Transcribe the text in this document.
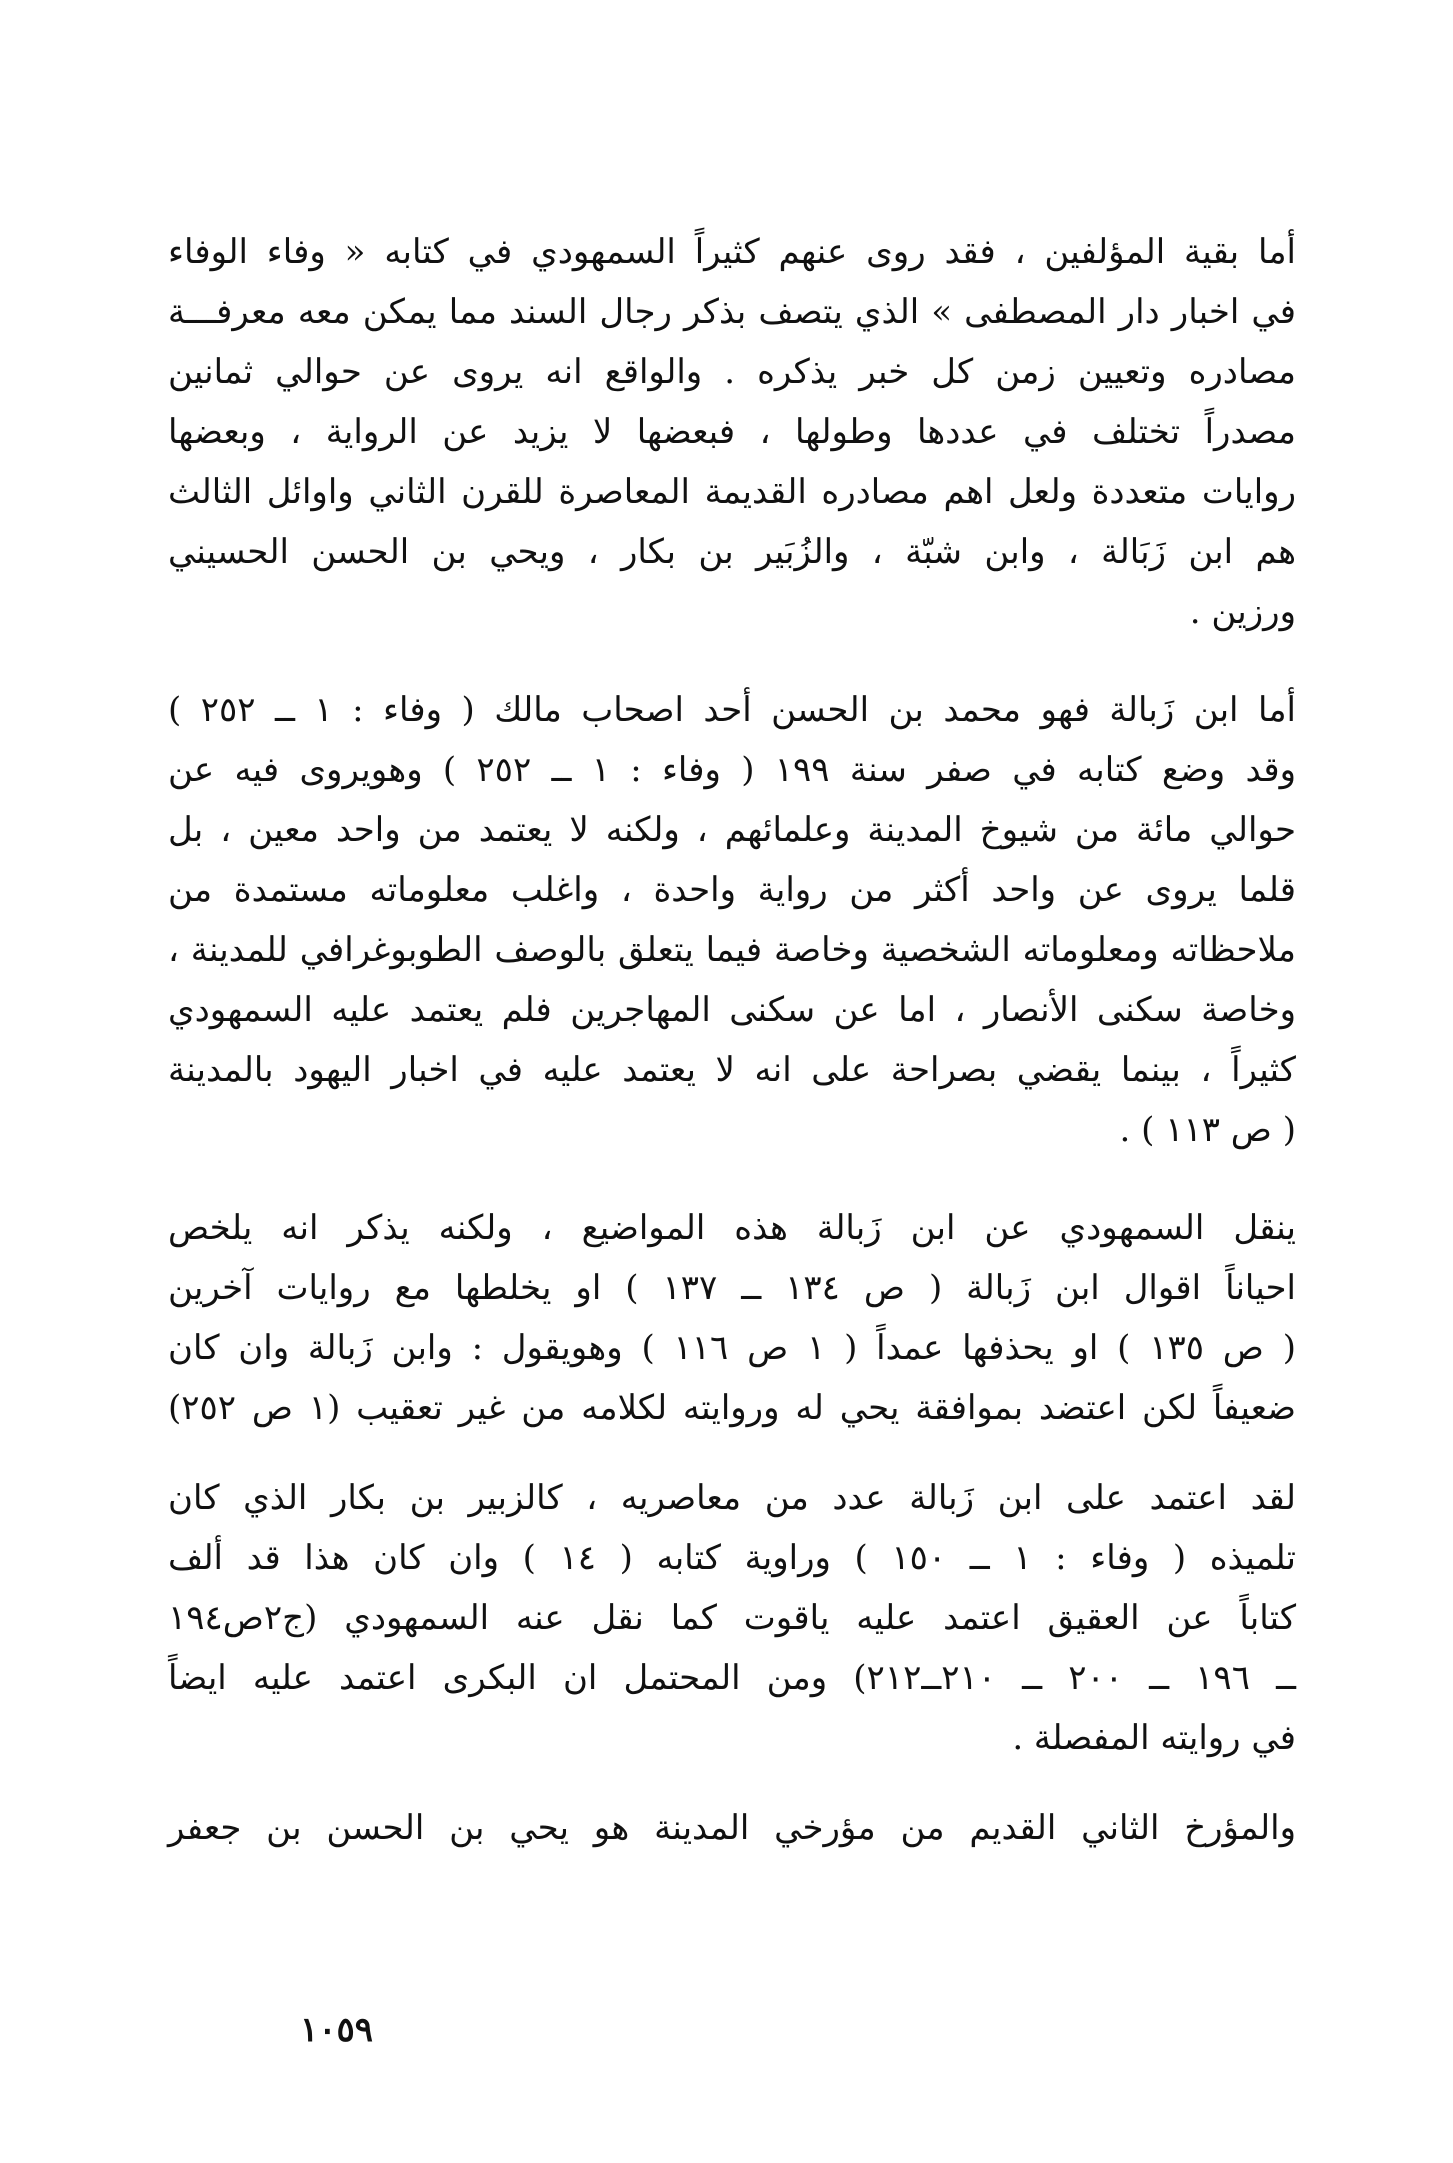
أما بقية المؤلفين ، فقد روى عنهم كثيراً السمهودي في كتابه « وفاء الوفاء
في اخبار دار المصطفى » الذي يتصف بذكر رجال السند مما يمكن معه معرفـــة
مصادره وتعيين زمن كل خبر يذكره . والواقع انه يروى عن حوالي ثمانين
مصدراً تختلف في عددها وطولها ، فبعضها لا يزيد عن الرواية ، وبعضها
روايات متعددة ولعل اهم مصادره القديمة المعاصرة للقرن الثاني واوائل الثالث
هم ابن زَبَالة ، وابن شبّة ، والزُبَير بن بكار ، ويحي بن الحسن الحسيني
ورزين .

أما ابن زَبالة فهو محمد بن الحسن أحد اصحاب مالك ( وفاء : ١ ــ ٢٥٢ )
وقد وضع كتابه في صفر سنة ١٩٩ ( وفاء : ١ ــ ٢٥٢ ) وهويروى فيه عن
حوالي مائة من شيوخ المدينة وعلمائهم ، ولكنه لا يعتمد من واحد معين ، بل
قلما يروى عن واحد أكثر من رواية واحدة ، واغلب معلوماته مستمدة من
ملاحظاته ومعلوماته الشخصية وخاصة فيما يتعلق بالوصف الطوبوغرافي للمدينة ،
وخاصة سكنى الأنصار ، اما عن سكنى المهاجرين فلم يعتمد عليه السمهودي
كثيراً ، بينما يقضي بصراحة على انه لا يعتمد عليه في اخبار اليهود بالمدينة
( ص ١١٣ ) .

ينقل السمهودي عن ابن زَبالة هذه المواضيع ، ولكنه يذكر انه يلخص
احياناً اقوال ابن زَبالة ( ص ١٣٤ ــ ١٣٧ ) او يخلطها مع روايات آخرين
( ص ١٣٥ ) او يحذفها عمداً ( ١ ص ١١٦ ) وهويقول : وابن زَبالة وان كان
ضعيفاً لكن اعتضد بموافقة يحي له وروايته لكلامه من غير تعقيب (١ ص ٢٥٢)

لقد اعتمد على ابن زَبالة عدد من معاصريه ، كالزبير بن بكار الذي كان
تلميذه ( وفاء : ١ ــ ١٥٠ ) وراوية كتابه ( ١٤ ) وان كان هذا قد ألف
كتاباً عن العقيق اعتمد عليه ياقوت كما نقل عنه السمهودي (ج٢ص١٩٤
ــ ١٩٦ ــ ٢٠٠ ــ ٢١٠ــ٢١٢) ومن المحتمل ان البكرى اعتمد عليه ايضاً
في روايته المفصلة .

والمؤرخ الثاني القديم من مؤرخي المدينة هو يحي بن الحسن بن جعفر

١٠٥٩
